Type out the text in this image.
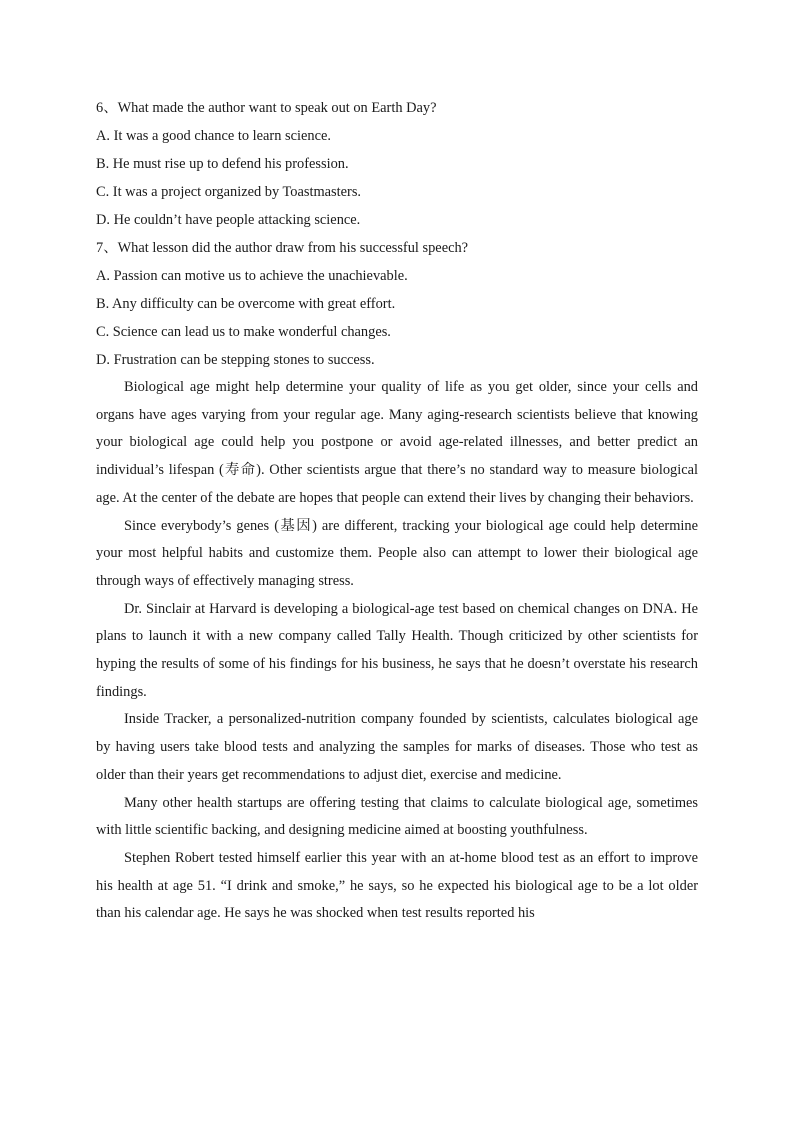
6、What made the author want to speak out on Earth Day?
A. It was a good chance to learn science.
B. He must rise up to defend his profession.
C. It was a project organized by Toastmasters.
D. He couldn’t have people attacking science.
7、What lesson did the author draw from his successful speech?
A. Passion can motive us to achieve the unachievable.
B. Any difficulty can be overcome with great effort.
C. Science can lead us to make wonderful changes.
D. Frustration can be stepping stones to success.

Biological age might help determine your quality of life as you get older, since your cells and organs have ages varying from your regular age. Many aging-research scientists believe that knowing your biological age could help you postpone or avoid age-related illnesses, and better predict an individual’s lifespan (寿命). Other scientists argue that there’s no standard way to measure biological age. At the center of the debate are hopes that people can extend their lives by changing their behaviors.

Since everybody’s genes (基因) are different, tracking your biological age could help determine your most helpful habits and customize them. People also can attempt to lower their biological age through ways of effectively managing stress.

Dr. Sinclair at Harvard is developing a biological-age test based on chemical changes on DNA. He plans to launch it with a new company called Tally Health. Though criticized by other scientists for hyping the results of some of his findings for his business, he says that he doesn’t overstate his research findings.

Inside Tracker, a personalized-nutrition company founded by scientists, calculates biological age by having users take blood tests and analyzing the samples for marks of diseases. Those who test as older than their years get recommendations to adjust diet, exercise and medicine.

Many other health startups are offering testing that claims to calculate biological age, sometimes with little scientific backing, and designing medicine aimed at boosting youthfulness.

Stephen Robert tested himself earlier this year with an at-home blood test as an effort to improve his health at age 51. “I drink and smoke,” he says, so he expected his biological age to be a lot older than his calendar age. He says he was shocked when test results reported his
